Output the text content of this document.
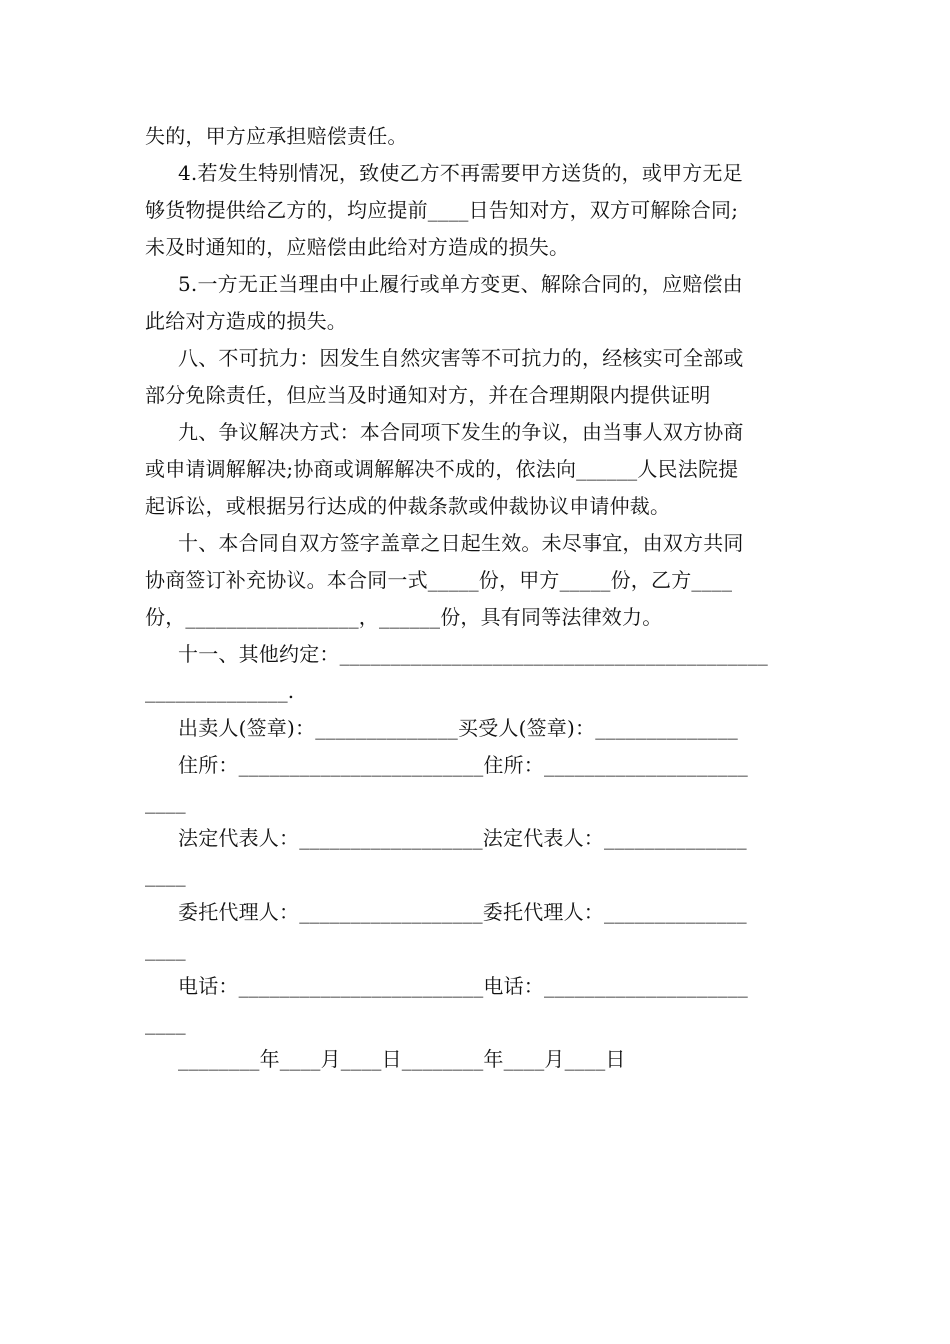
失的，甲方应承担赔偿责任。
4.若发生特别情况，致使乙方不再需要甲方送货的，或甲方无足
够货物提供给乙方的，均应提前____日告知对方，双方可解除合同;
未及时通知的，应赔偿由此给对方造成的损失。
5.一方无正当理由中止履行或单方变更、解除合同的，应赔偿由
此给对方造成的损失。
八、不可抗力：因发生自然灾害等不可抗力的，经核实可全部或
部分免除责任，但应当及时通知对方，并在合理期限内提供证明
九、争议解决方式：本合同项下发生的争议，由当事人双方协商
或申请调解解决;协商或调解解决不成的，依法向______人民法院提
起诉讼，或根据另行达成的仲裁条款或仲裁协议申请仲裁。
十、本合同自双方签字盖章之日起生效。未尽事宜，由双方共同
协商签订补充协议。本合同一式_____份，甲方_____份，乙方____
份，_________________，______份，具有同等法律效力。
十一、其他约定：__________________________________________
______________.
出卖人(签章)：______________买受人(签章)：______________
住所：________________________住所：____________________
____
法定代表人：__________________法定代表人：______________
____
委托代理人：__________________委托代理人：______________
____
电话：________________________电话：____________________
____
________年____月____日________年____月____日
